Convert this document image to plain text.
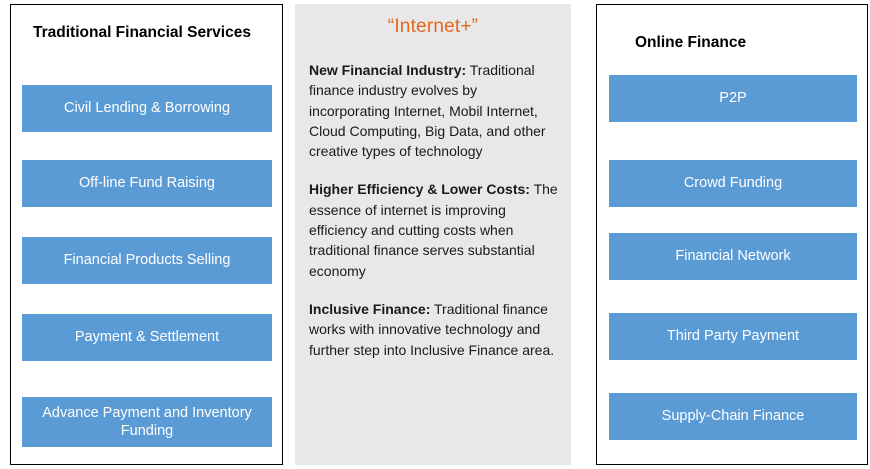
Traditional Financial Services
Civil Lending & Borrowing
Off-line Fund Raising
Financial Products Selling
Payment & Settlement
Advance Payment and Inventory Funding
“Internet+”

New Financial Industry: Traditional finance industry evolves by incorporating Internet, Mobil Internet, Cloud Computing, Big Data, and other creative types of technology

Higher Efficiency & Lower Costs: The essence of internet is improving efficiency and cutting costs when traditional finance serves substantial economy

Inclusive Finance: Traditional finance works with innovative technology and further step into Inclusive Finance area.

Online Finance
P2P
Crowd Funding
Financial Network
Third Party Payment
Supply-Chain Finance
